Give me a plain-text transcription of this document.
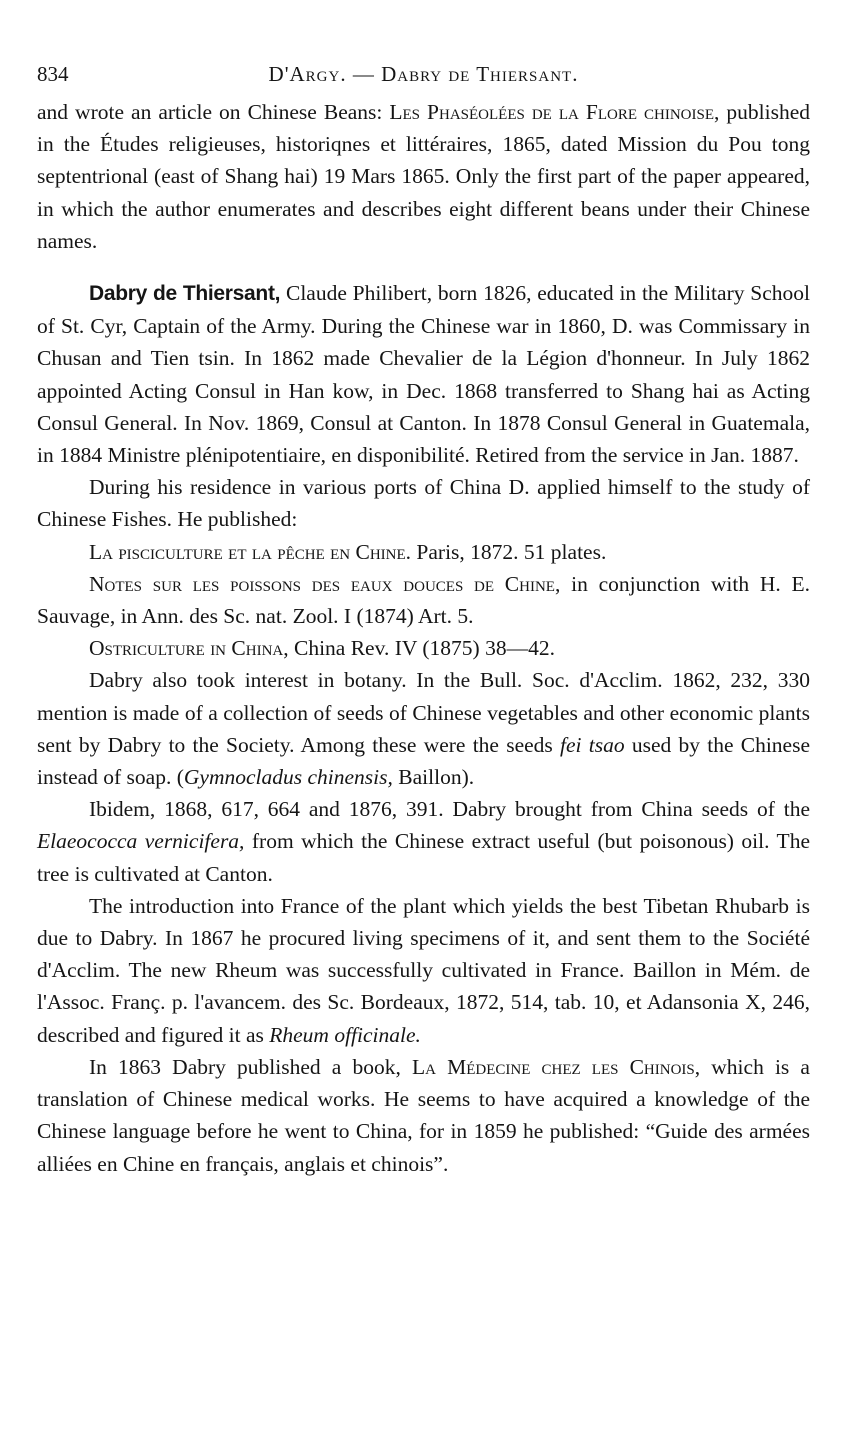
834	D'Argy. — Dabry de Thiersant.

and wrote an article on Chinese Beans: Les Phaséolées de la Flore chinoise, published in the Études religieuses, historiqnes et littéraires, 1865, dated Mission du Pou tong septentrional (east of Shang hai) 19 Mars 1865. Only the first part of the paper appeared, in which the author enumerates and describes eight different beans under their Chinese names.

Dabry de Thiersant, Claude Philibert, born 1826, educated in the Military School of St. Cyr, Captain of the Army. During the Chinese war in 1860, D. was Commissary in Chusan and Tien tsin. In 1862 made Chevalier de la Légion d'honneur. In July 1862 appointed Acting Consul in Han kow, in Dec. 1868 transferred to Shang hai as Acting Consul General. In Nov. 1869, Consul at Canton. In 1878 Consul General in Guatemala, in 1884 Ministre plénipotentiaire, en disponibilité. Retired from the service in Jan. 1887.

During his residence in various ports of China D. applied himself to the study of Chinese Fishes. He published:

La pisciculture et la pêche en Chine. Paris, 1872. 51 plates.

Notes sur les poissons des eaux douces de Chine, in conjunction with H. E. Sauvage, in Ann. des Sc. nat. Zool. I (1874) Art. 5.

Ostriculture in China, China Rev. IV (1875) 38—42.

Dabry also took interest in botany. In the Bull. Soc. d'Acclim. 1862, 232, 330 mention is made of a collection of seeds of Chinese vegetables and other economic plants sent by Dabry to the Society. Among these were the seeds fei tsao used by the Chinese instead of soap. (Gymnocladus chinensis, Baillon).

Ibidem, 1868, 617, 664 and 1876, 391. Dabry brought from China seeds of the Elaeococca vernicifera, from which the Chinese extract useful (but poisonous) oil. The tree is cultivated at Canton.

The introduction into France of the plant which yields the best Tibetan Rhubarb is due to Dabry. In 1867 he procured living specimens of it, and sent them to the Société d'Acclim. The new Rheum was successfully cultivated in France. Baillon in Mém. de l'Assoc. Franç. p. l'avancem. des Sc. Bordeaux, 1872, 514, tab. 10, et Adansonia X, 246, described and figured it as Rheum officinale.

In 1863 Dabry published a book, La Médecine chez les Chinois, which is a translation of Chinese medical works. He seems to have acquired a knowledge of the Chinese language before he went to China, for in 1859 he published: “Guide des armées alliées en Chine en français, anglais et chinois”.
